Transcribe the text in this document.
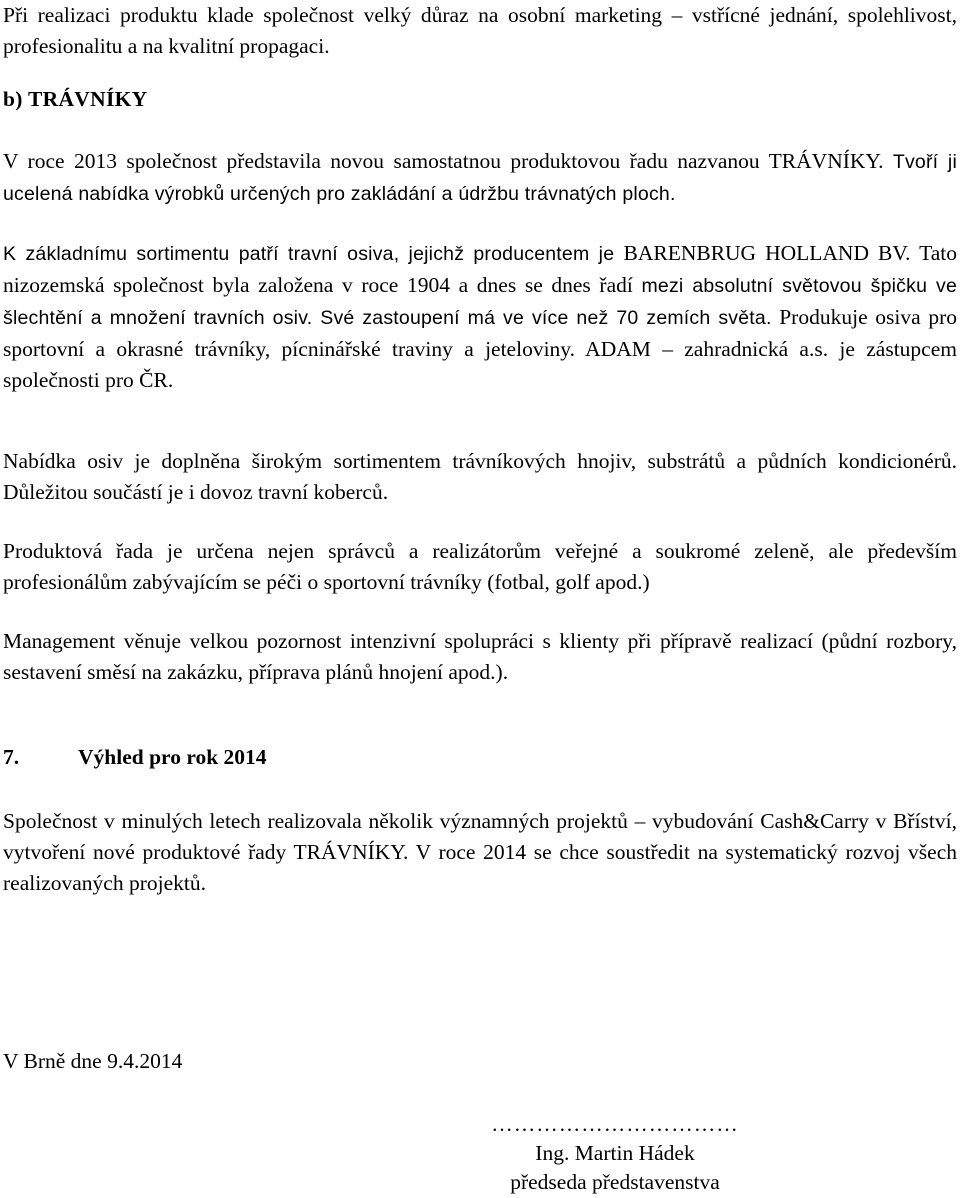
Při realizaci produktu klade společnost velký důraz na osobní marketing – vstřícné jednání, spolehlivost, profesionalitu a na kvalitní propagaci.

b) TRÁVNÍKY

V roce 2013 společnost představila novou samostatnou produktovou řadu nazvanou TRÁVNÍKY. Tvoří ji ucelená nabídka výrobků určených pro zakládání a údržbu trávnatých ploch.

K základnímu sortimentu patří travní osiva, jejichž producentem je BARENBRUG HOLLAND BV. Tato nizozemská společnost byla založena v roce 1904 a dnes se dnes řadí mezi absolutní světovou špičku ve šlechtění a množení travních osiv. Své zastoupení má ve více než 70 zemích světa. Produkuje osiva pro sportovní a okrasné trávníky, pícninářské traviny a jeteloviny. ADAM – zahradnická a.s. je zástupcem společnosti pro ČR.

Nabídka osiv je doplněna širokým sortimentem trávníkových hnojiv, substrátů a půdních kondicionérů. Důležitou součástí je i dovoz travní koberců.

Produktová řada je určena nejen správců a realizátorům veřejné a soukromé zeleně, ale především profesionálům zabývajícím se péči o sportovní trávníky (fotbal, golf apod.)

Management věnuje velkou pozornost intenzivní spolupráci s klienty při přípravě realizací (půdní rozbory, sestavení směsí na zakázku, příprava plánů hnojení apod.).

7.	Výhled pro rok 2014

Společnost v minulých letech realizovala několik významných projektů – vybudování Cash&Carry v Bříství, vytvoření nové produktové řady TRÁVNÍKY. V roce 2014 se chce soustředit na systematický rozvoj všech realizovaných projektů.

V Brně dne 9.4.2014

……………………………
Ing. Martin Hádek
předseda představenstva
